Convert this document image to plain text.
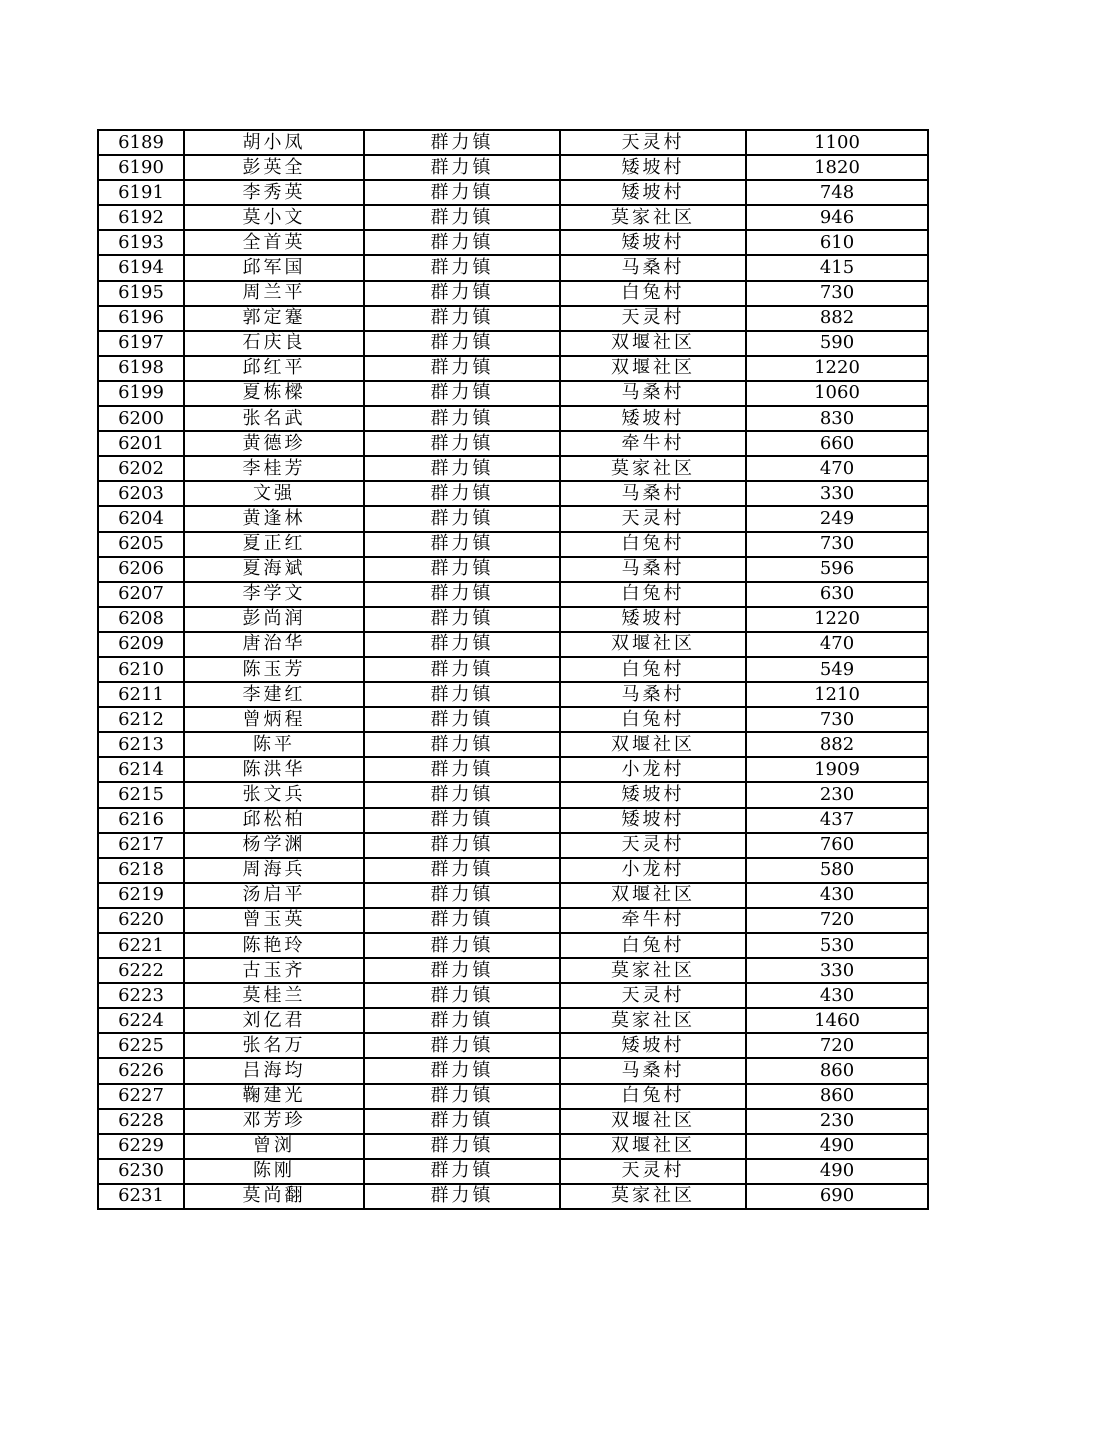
6189	胡小凤	群力镇	天灵村	1100
6190	彭英全	群力镇	矮坡村	1820
6191	李秀英	群力镇	矮坡村	748
6192	莫小文	群力镇	莫家社区	946
6193	全首英	群力镇	矮坡村	610
6194	邱军国	群力镇	马桑村	415
6195	周兰平	群力镇	白兔村	730
6196	郭定蹇	群力镇	天灵村	882
6197	石庆良	群力镇	双堰社区	590
6198	邱红平	群力镇	双堰社区	1220
6199	夏栋樑	群力镇	马桑村	1060
6200	张名武	群力镇	矮坡村	830
6201	黄德珍	群力镇	牵牛村	660
6202	李桂芳	群力镇	莫家社区	470
6203	文强	群力镇	马桑村	330
6204	黄逢林	群力镇	天灵村	249
6205	夏正红	群力镇	白兔村	730
6206	夏海斌	群力镇	马桑村	596
6207	李学文	群力镇	白兔村	630
6208	彭尚润	群力镇	矮坡村	1220
6209	唐治华	群力镇	双堰社区	470
6210	陈玉芳	群力镇	白兔村	549
6211	李建红	群力镇	马桑村	1210
6212	曾炳程	群力镇	白兔村	730
6213	陈平	群力镇	双堰社区	882
6214	陈洪华	群力镇	小龙村	1909
6215	张文兵	群力镇	矮坡村	230
6216	邱松柏	群力镇	矮坡村	437
6217	杨学渊	群力镇	天灵村	760
6218	周海兵	群力镇	小龙村	580
6219	汤启平	群力镇	双堰社区	430
6220	曾玉英	群力镇	牵牛村	720
6221	陈艳玲	群力镇	白兔村	530
6222	古玉齐	群力镇	莫家社区	330
6223	莫桂兰	群力镇	天灵村	430
6224	刘亿君	群力镇	莫家社区	1460
6225	张名万	群力镇	矮坡村	720
6226	吕海均	群力镇	马桑村	860
6227	鞠建光	群力镇	白兔村	860
6228	邓芳珍	群力镇	双堰社区	230
6229	曾浏	群力镇	双堰社区	490
6230	陈刚	群力镇	天灵村	490
6231	莫尚翻	群力镇	莫家社区	690
